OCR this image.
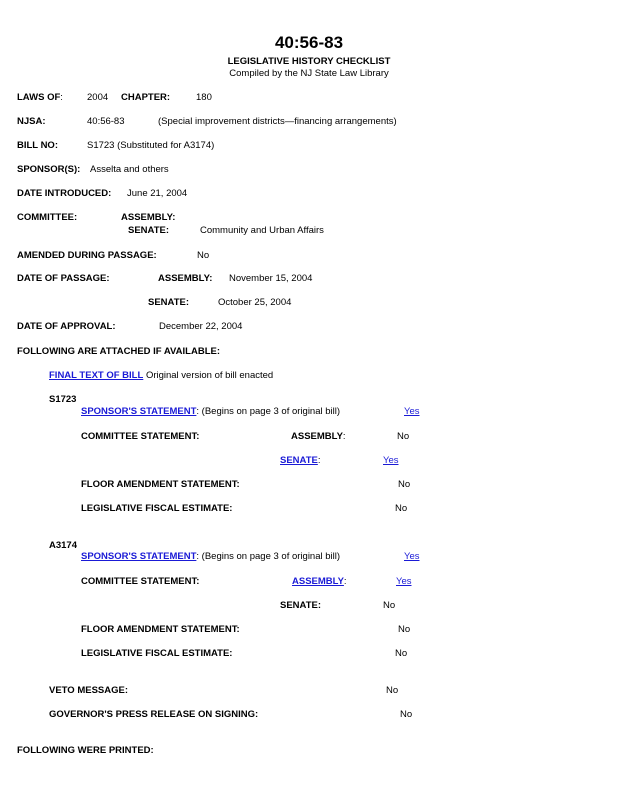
40:56-83
LEGISLATIVE HISTORY CHECKLIST
Compiled by the NJ State Law Library
LAWS OF:	2004 CHAPTER:	180
NJSA:	40:56-83	(Special improvement districts—financing arrangements)
BILL NO:	S1723 (Substituted for A3174)
SPONSOR(S): Asselta and others
DATE INTRODUCED: June 21, 2004
COMMITTEE:	ASSEMBLY:
SENATE:	Community and Urban Affairs
AMENDED DURING PASSAGE:	No
DATE OF PASSAGE:	ASSEMBLY: November 15, 2004
SENATE:	October 25, 2004
DATE OF APPROVAL:	December 22, 2004
FOLLOWING ARE ATTACHED IF AVAILABLE:
FINAL TEXT OF BILL Original version of bill enacted
S1723
SPONSOR'S STATEMENT: (Begins on page 3 of original bill)	Yes
COMMITTEE STATEMENT:	ASSEMBLY:	No
SENATE:	Yes
FLOOR AMENDMENT STATEMENT:	No
LEGISLATIVE FISCAL ESTIMATE:	No
A3174
SPONSOR'S STATEMENT: (Begins on page 3 of original bill)	Yes
COMMITTEE STATEMENT:	ASSEMBLY:	Yes
SENATE:	No
FLOOR AMENDMENT STATEMENT:	No
LEGISLATIVE FISCAL ESTIMATE:	No
VETO MESSAGE:	No
GOVERNOR'S PRESS RELEASE ON SIGNING:	No
FOLLOWING WERE PRINTED:
